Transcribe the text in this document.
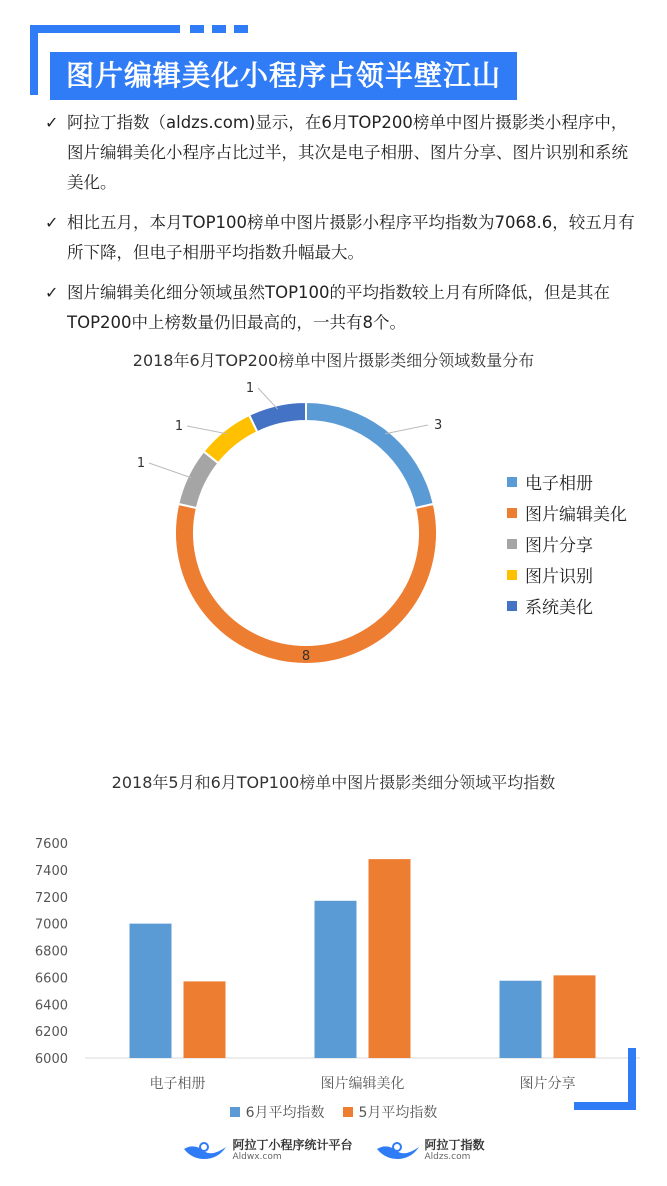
图片编辑美化小程序占领半壁江山
✓ 阿拉丁指数（aldzs.com)显示，在6月TOP200榜单中图片摄影类小程序中，图片编辑美化小程序占比过半，其次是电子相册、图片分享、图片识别和系统美化。
✓ 相比五月，本月TOP100榜单中图片摄影小程序平均指数为7068.6，较五月有所下降，但电子相册平均指数升幅最大。
✓ 图片编辑美化细分领域虽然TOP100的平均指数较上月有所降低，但是其在TOP200中上榜数量仍旧最高的，一共有8个。
2018年6月TOP200榜单中图片摄影类细分领域数量分布
3
8
1
1
1
电子相册
图片编辑美化
图片分享
图片识别
系统美化
2018年5月和6月TOP100榜单中图片摄影类细分领域平均指数
6000
6200
6400
6600
6800
7000
7200
7400
7600
电子相册	图片编辑美化	图片分享
6月平均指数 5月平均指数
阿拉丁小程序统计平台
Aldwx.com
阿拉丁指数
Aldzs.com
